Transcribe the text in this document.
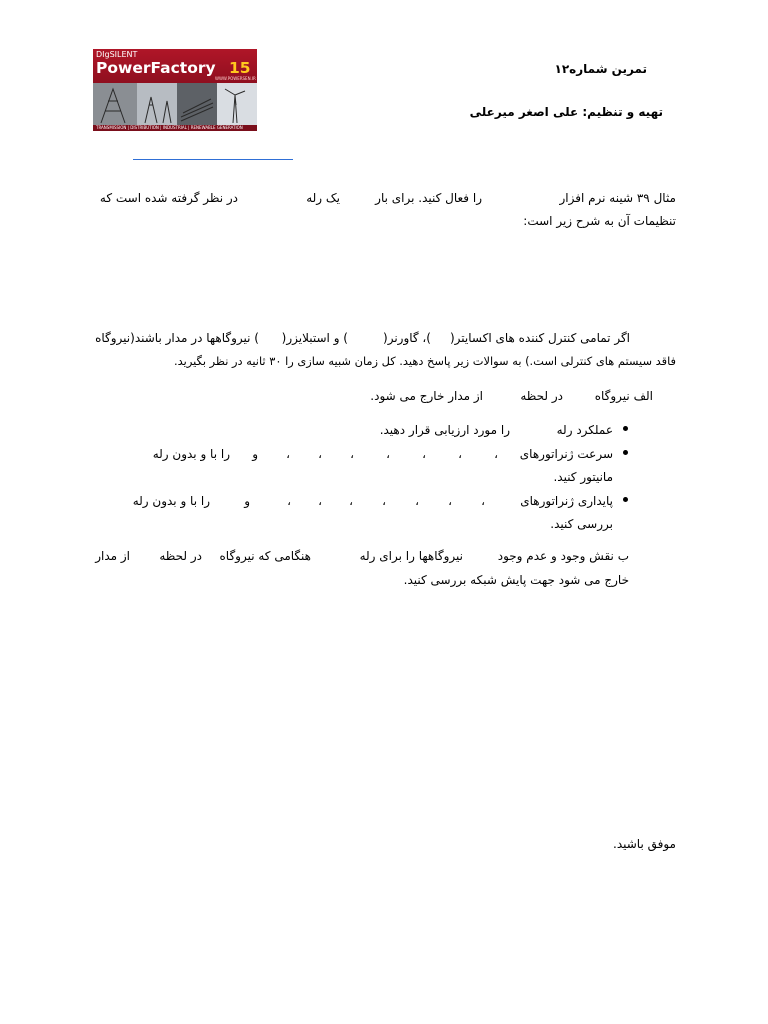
DIgSILENT
PowerFactory 15
WWW.POWERSEN.IR
TRANSMISSION | DISTRIBUTION | INDUSTRIAL | RENEWABLE GENERATION
تمرین شماره۱۲
تهیه و تنظیم: علی اصغر میرعلی
مثال ۳۹ شینه نرم افزار
را فعال کنید. برای بار
یک رله
در نظر گرفته شده است که
تنظیمات آن به شرح زیر است:
اگر تمامی کنترل کننده های اکسایتر(
)، گاورنر(
) و استبلایزر(
) نیروگاهها در مدار باشند(نیروگاه
فاقد سیستم های کنترلی است.) به سوالات زیر پاسخ دهید. کل زمان شبیه سازی را ۳۰ ثانیه در نظر بگیرید.
الف نیروگاه
در لحظه
از مدار خارج می شود.
عملکرد رله
را مورد ارزیابی قرار دهید.
سرعت ژنراتورهای
،
،
،
،
،
،
،
و
را با و بدون رله
مانیتور کنید.
پایداری ژنراتورهای
،
،
،
،
،
،
،
و
را با و بدون رله
بررسی کنید.
ب نقش وجود و عدم وجود
نیروگاهها را برای رله
هنگامی که نیروگاه
در لحظه
از مدار
خارج می شود جهت پایش شبکه بررسی کنید.
موفق باشید.
